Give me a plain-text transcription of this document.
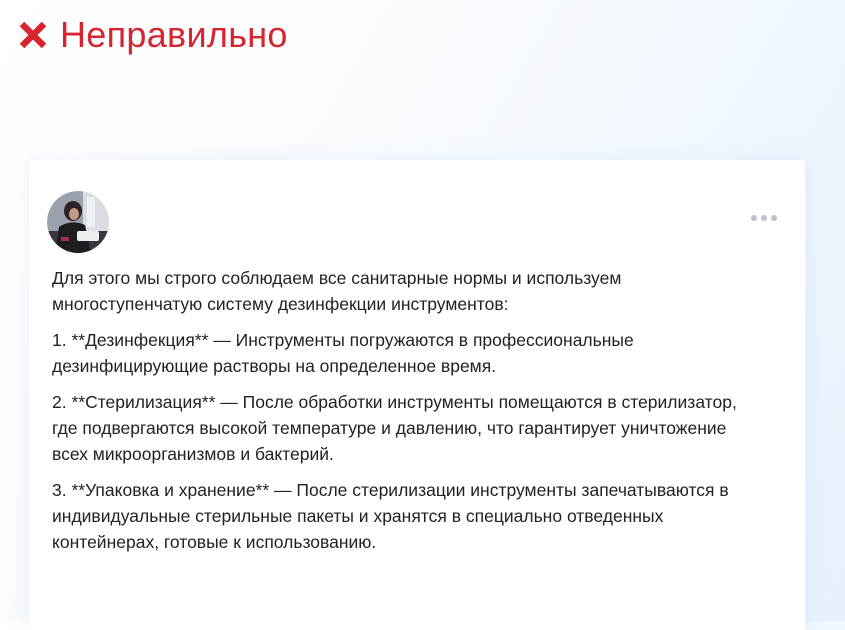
Неправильно

Для этого мы строго соблюдаем все санитарные нормы и используем многоступенчатую систему дезинфекции инструментов:

1. **Дезинфекция** — Инструменты погружаются в профессиональные дезинфицирующие растворы на определенное время.

2. **Стерилизация** — После обработки инструменты помещаются в стерилизатор, где подвергаются высокой температуре и давлению, что гарантирует уничтожение всех микроорганизмов и бактерий.

3. **Упаковка и хранение** — После стерилизации инструменты запечатываются в индивидуальные стерильные пакеты и хранятся в специально отведенных контейнерах, готовые к использованию.
